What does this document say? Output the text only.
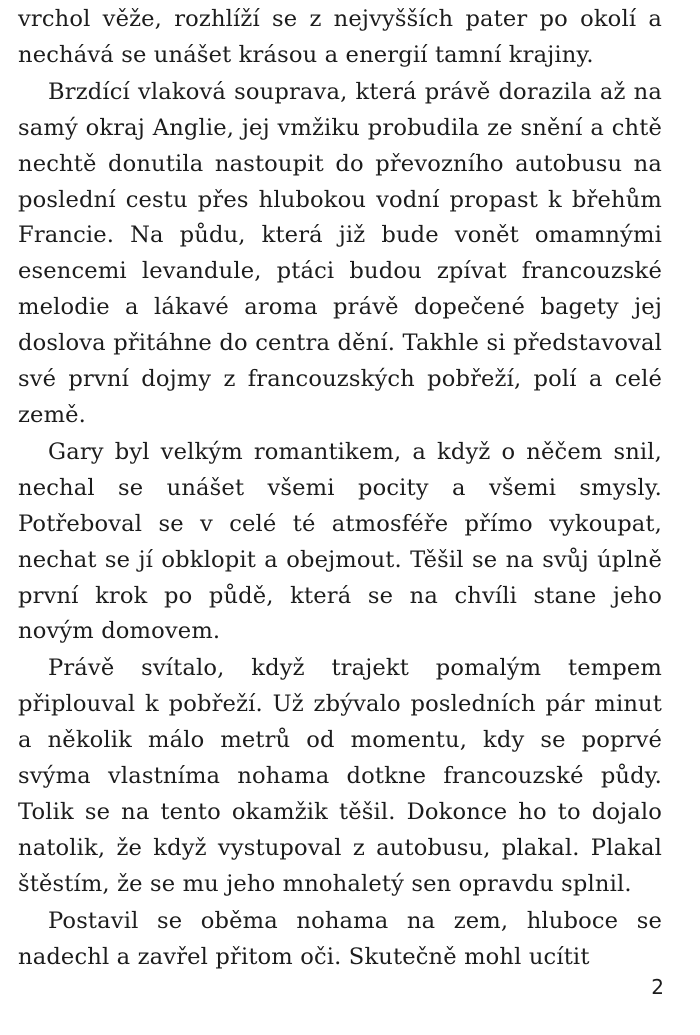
vrchol věže, rozhlíží se z nejvyšších pater po okolí a nechává se unášet krásou a energií tamní krajiny.

Brzdící vlaková souprava, která právě dorazila až na samý okraj Anglie, jej vmžiku probudila ze snění a chtě nechtě donutila nastoupit do převozního autobusu na poslední cestu přes hlubokou vodní propast k břehům Francie. Na půdu, která již bude vonět omamnými esencemi levandule, ptáci budou zpívat francouzské melodie a lákavé aroma právě dopečené bagety jej doslova přitáhne do centra dění. Takhle si představoval své první dojmy z francouzských pobřeží, polí a celé země.

Gary byl velkým romantikem, a když o něčem snil, nechal se unášet všemi pocity a všemi smysly. Potřeboval se v celé té atmosféře přímo vykoupat, nechat se jí obklopit a obejmout. Těšil se na svůj úplně první krok po půdě, která se na chvíli stane jeho novým domovem.

Právě svítalo, když trajekt pomalým tempem připlouval k pobřeží. Už zbývalo posledních pár minut a několik málo metrů od momentu, kdy se poprvé svýma vlastníma nohama dotkne francouzské půdy. Tolik se na tento okamžik těšil. Dokonce ho to dojalo natolik, že když vystupoval z autobusu, plakal. Plakal štěstím, že se mu jeho mnohaletý sen opravdu splnil.

Postavil se oběma nohama na zem, hluboce se nadechl a zavřel přitom oči. Skutečně mohl ucítit

2
